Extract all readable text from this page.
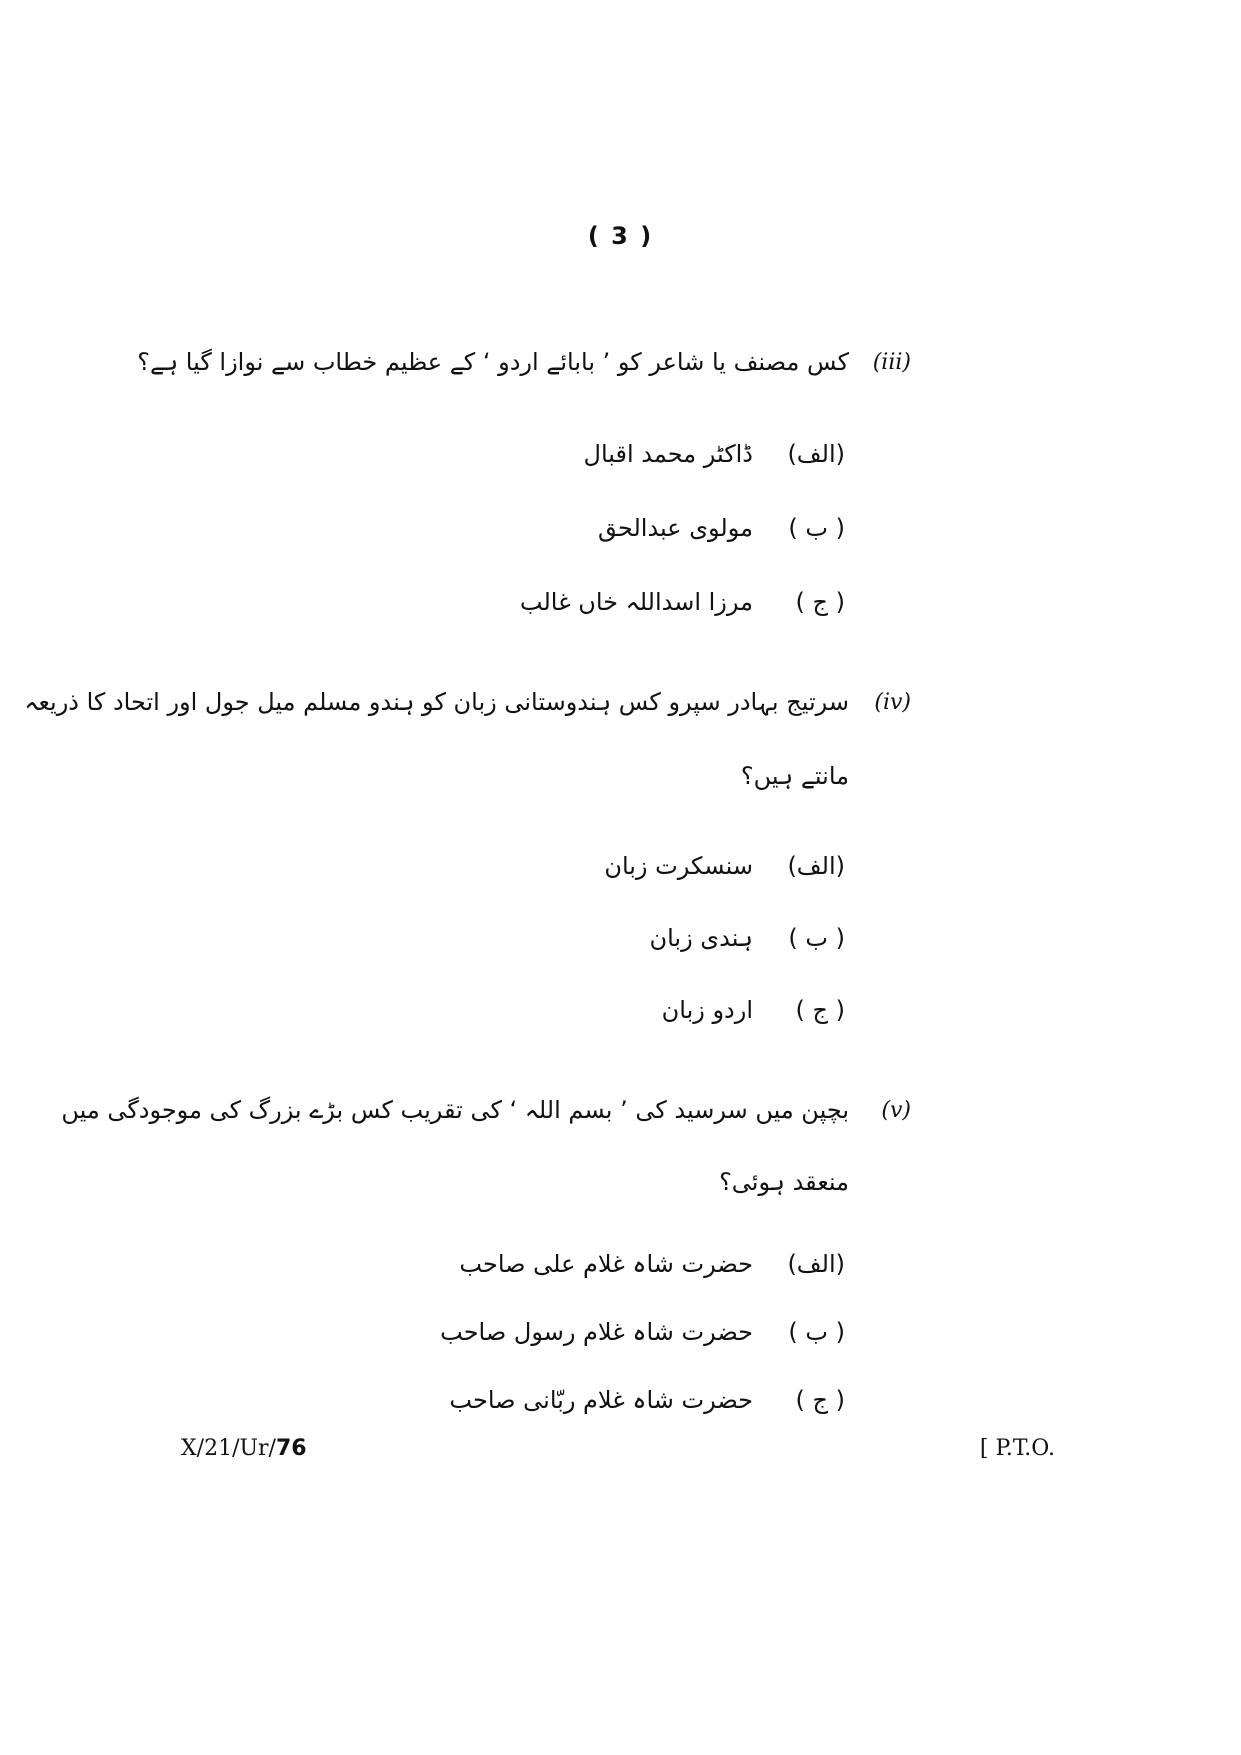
( 3 )
(iii)
کس مصنف یا شاعر کو ’ بابائے اردو ‘ کے عظیم خطاب سے نوازا گیا ہے؟
(الف)
ڈاکٹر محمد اقبال
( ب )
مولوی عبدالحق
( ج )
مرزا اسداللہ خاں غالب
(iv)
سرتیج بہادر سپرو کس ہندوستانی زبان کو ہندو مسلم میل جول اور اتحاد کا ذریعہ
مانتے ہیں؟
(الف)
سنسکرت زبان
( ب )
ہندی زبان
( ج )
اردو زبان
(v)
بچپن میں سرسید کی ’ بسم اللہ ‘ کی تقریب کس بڑے بزرگ کی موجودگی میں
منعقد ہوئی؟
(الف)
حضرت شاہ غلام علی صاحب
( ب )
حضرت شاہ غلام رسول صاحب
( ج )
حضرت شاہ غلام ربّانی صاحب
X/21/Ur/76	[ P.T.O.
